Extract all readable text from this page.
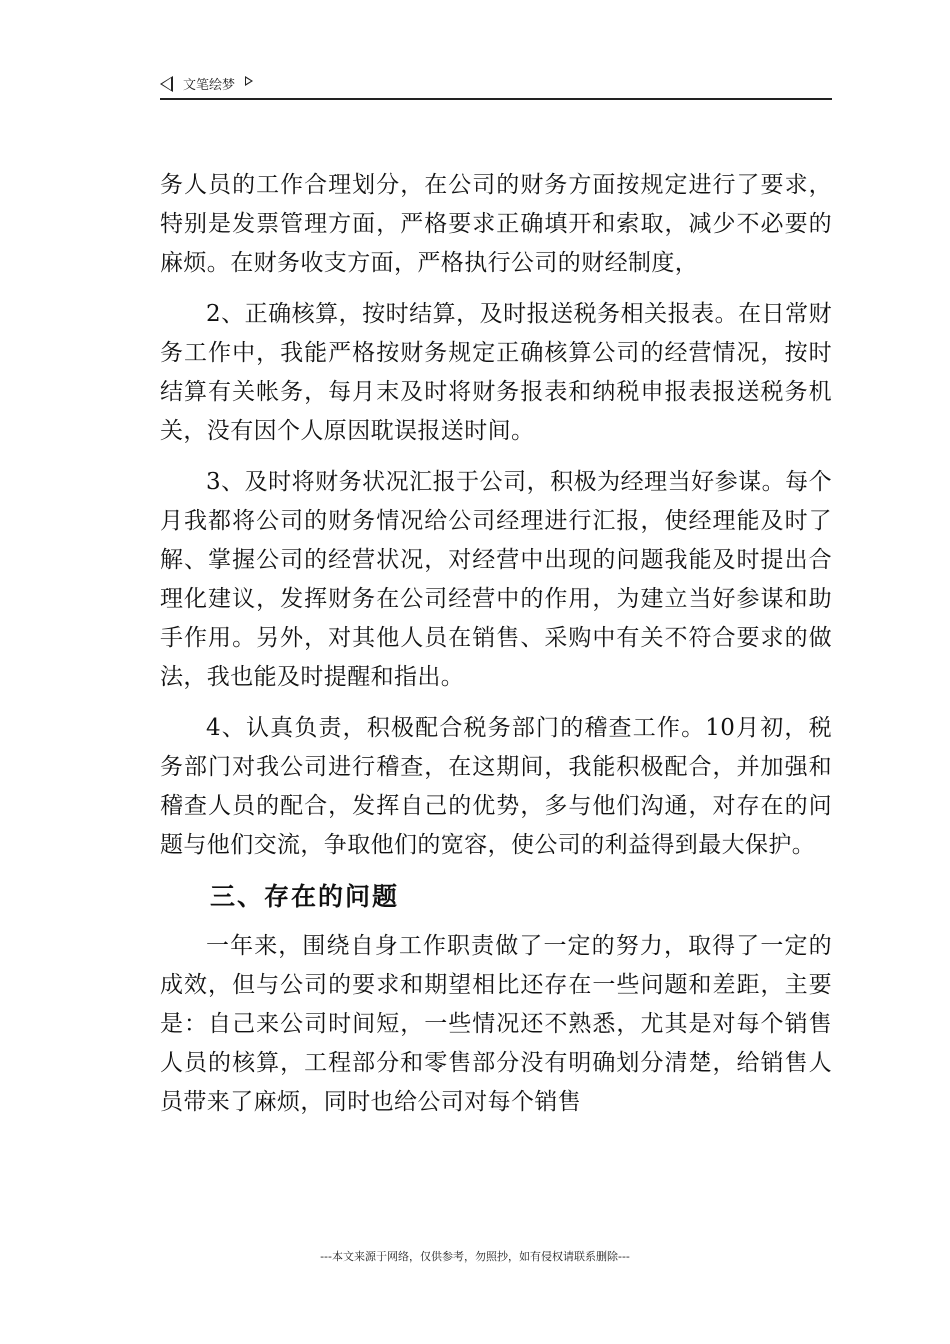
文笔绘梦

务人员的工作合理划分，在公司的财务方面按规定进行了要求，特别是发票管理方面，严格要求正确填开和索取，减少不必要的麻烦。在财务收支方面，严格执行公司的财经制度，

2、正确核算，按时结算，及时报送税务相关报表。在日常财务工作中，我能严格按财务规定正确核算公司的经营情况，按时结算有关帐务，每月末及时将财务报表和纳税申报表报送税务机关，没有因个人原因耽误报送时间。

3、及时将财务状况汇报于公司，积极为经理当好参谋。每个月我都将公司的财务情况给公司经理进行汇报，使经理能及时了解、掌握公司的经营状况，对经营中出现的问题我能及时提出合理化建议，发挥财务在公司经营中的作用，为建立当好参谋和助手作用。另外，对其他人员在销售、采购中有关不符合要求的做法，我也能及时提醒和指出。

4、认真负责，积极配合税务部门的稽查工作。10月初，税务部门对我公司进行稽查，在这期间，我能积极配合，并加强和稽查人员的配合，发挥自己的优势，多与他们沟通，对存在的问题与他们交流，争取他们的宽容，使公司的利益得到最大保护。

三、存在的问题

一年来，围绕自身工作职责做了一定的努力，取得了一定的成效，但与公司的要求和期望相比还存在一些问题和差距，主要是：自己来公司时间短，一些情况还不熟悉，尤其是对每个销售人员的核算，工程部分和零售部分没有明确划分清楚，给销售人员带来了麻烦，同时也给公司对每个销售

---本文来源于网络，仅供参考，勿照抄，如有侵权请联系删除---
